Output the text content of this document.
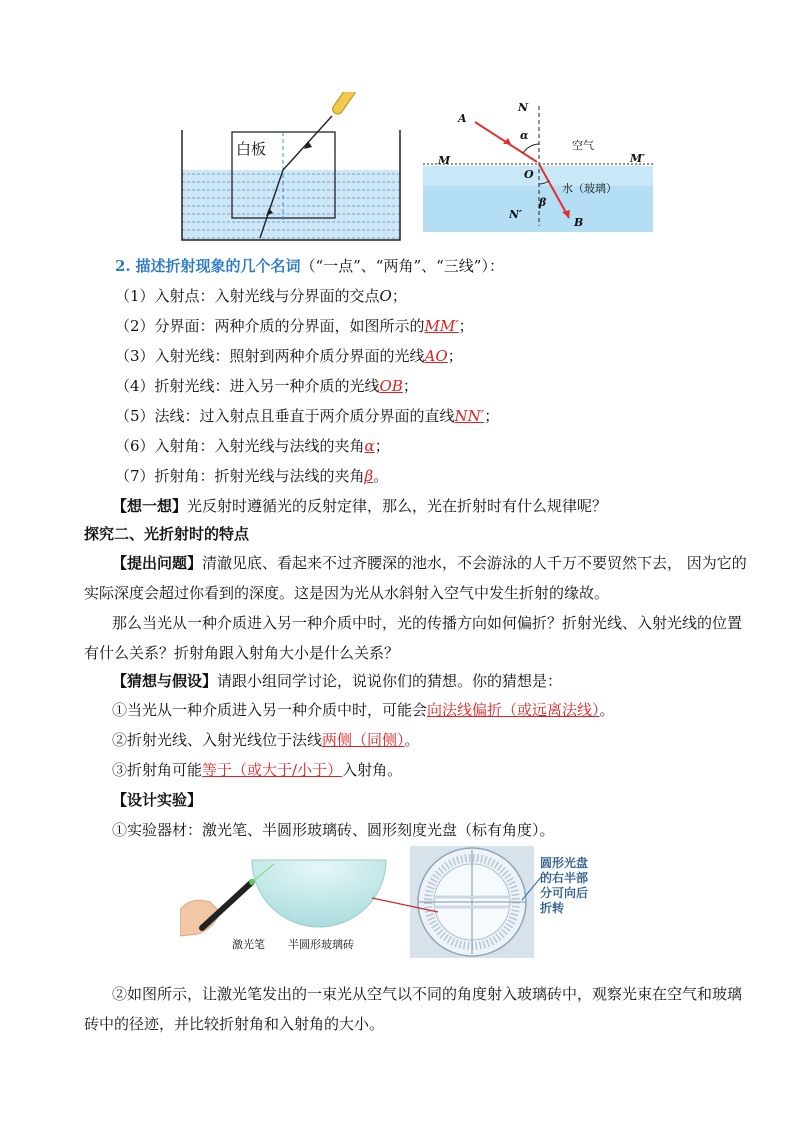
白板
A
N
α
空气
M	M′
O
水（玻璃）
β
N′
B
2. 描述折射现象的几个名词（“一点”、“两角”、“三线”）：
（1）入射点：入射光线与分界面的交点O；
（2）分界面：两种介质的分界面，如图所示的MM′；
（3）入射光线：照射到两种介质分界面的光线AO；
（4）折射光线：进入另一种介质的光线OB；
（5）法线：过入射点且垂直于两介质分界面的直线NN′；
（6）入射角：入射光线与法线的夹角α；
（7）折射角：折射光线与法线的夹角β。
【想一想】光反射时遵循光的反射定律，那么，光在折射时有什么规律呢？
探究二、光折射时的特点
【提出问题】清澈见底、看起来不过齐腰深的池水，不会游泳的人千万不要贸然下去， 因为它的
实际深度会超过你看到的深度。这是因为光从水斜射入空气中发生折射的缘故。
那么当光从一种介质进入另一种介质中时，光的传播方向如何偏折？折射光线、入射光线的位置
有什么关系？折射角跟入射角大小是什么关系？
【猜想与假设】请跟小组同学讨论，说说你们的猜想。你的猜想是：
①当光从一种介质进入另一种介质中时，可能会向法线偏折（或远离法线）。
②折射光线、入射光线位于法线两侧（同侧）。
③折射角可能等于（或大于/小于）入射角。
【设计实验】
①实验器材：激光笔、半圆形玻璃砖、圆形刻度光盘（标有角度）。
激光笔 半圆形玻璃砖
圆形光盘
的右半部
分可向后
折转
②如图所示，让激光笔发出的一束光从空气以不同的角度射入玻璃砖中，观察光束在空气和玻璃
砖中的径迹，并比较折射角和入射角的大小。
